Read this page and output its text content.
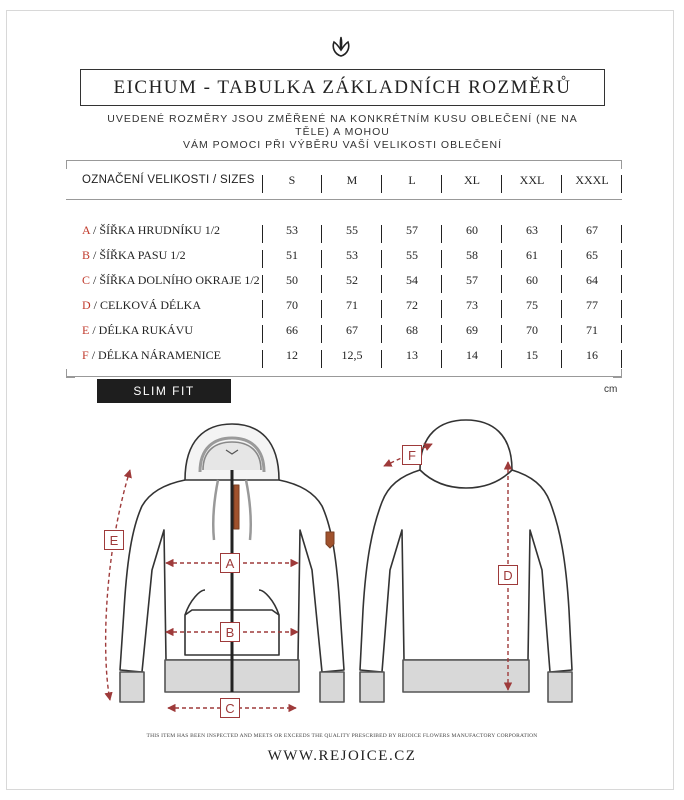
EICHUM - TABULKA ZÁKLADNÍCH ROZMĚRŮ
UVEDENÉ ROZMĚRY JSOU ZMĚŘENÉ NA KONKRÉTNÍM KUSU OBLEČENÍ (NE NA TĚLE) A MOHOU
VÁM POMOCI PŘI VÝBĚRU VAŠÍ VELIKOSTI OBLEČENÍ
OZNAČENÍ VELIKOSTI / SIZES	S	M	L	XL	XXL	XXXL
A / ŠÍŘKA HRUDNÍKU 1/2	53	55	57	60	63	67
B / ŠÍŘKA PASU 1/2	51	53	55	58	61	65
C / ŠÍŘKA DOLNÍHO OKRAJE 1/2	50	52	54	57	60	64
D / CELKOVÁ DÉLKA	70	71	72	73	75	77
E / DÉLKA RUKÁVU	66	67	68	69	70	71
F / DÉLKA NÁRAMENICE	12	12,5	13	14	15	16
SLIM FIT	cm
A
B
C
D
E
F
THIS ITEM HAS BEEN INSPECTED AND MEETS OR EXCEEDS THE QUALITY PRESCRIBED BY REJOICE FLOWERS MANUFACTORY CORPORATION
WWW.REJOICE.CZ
